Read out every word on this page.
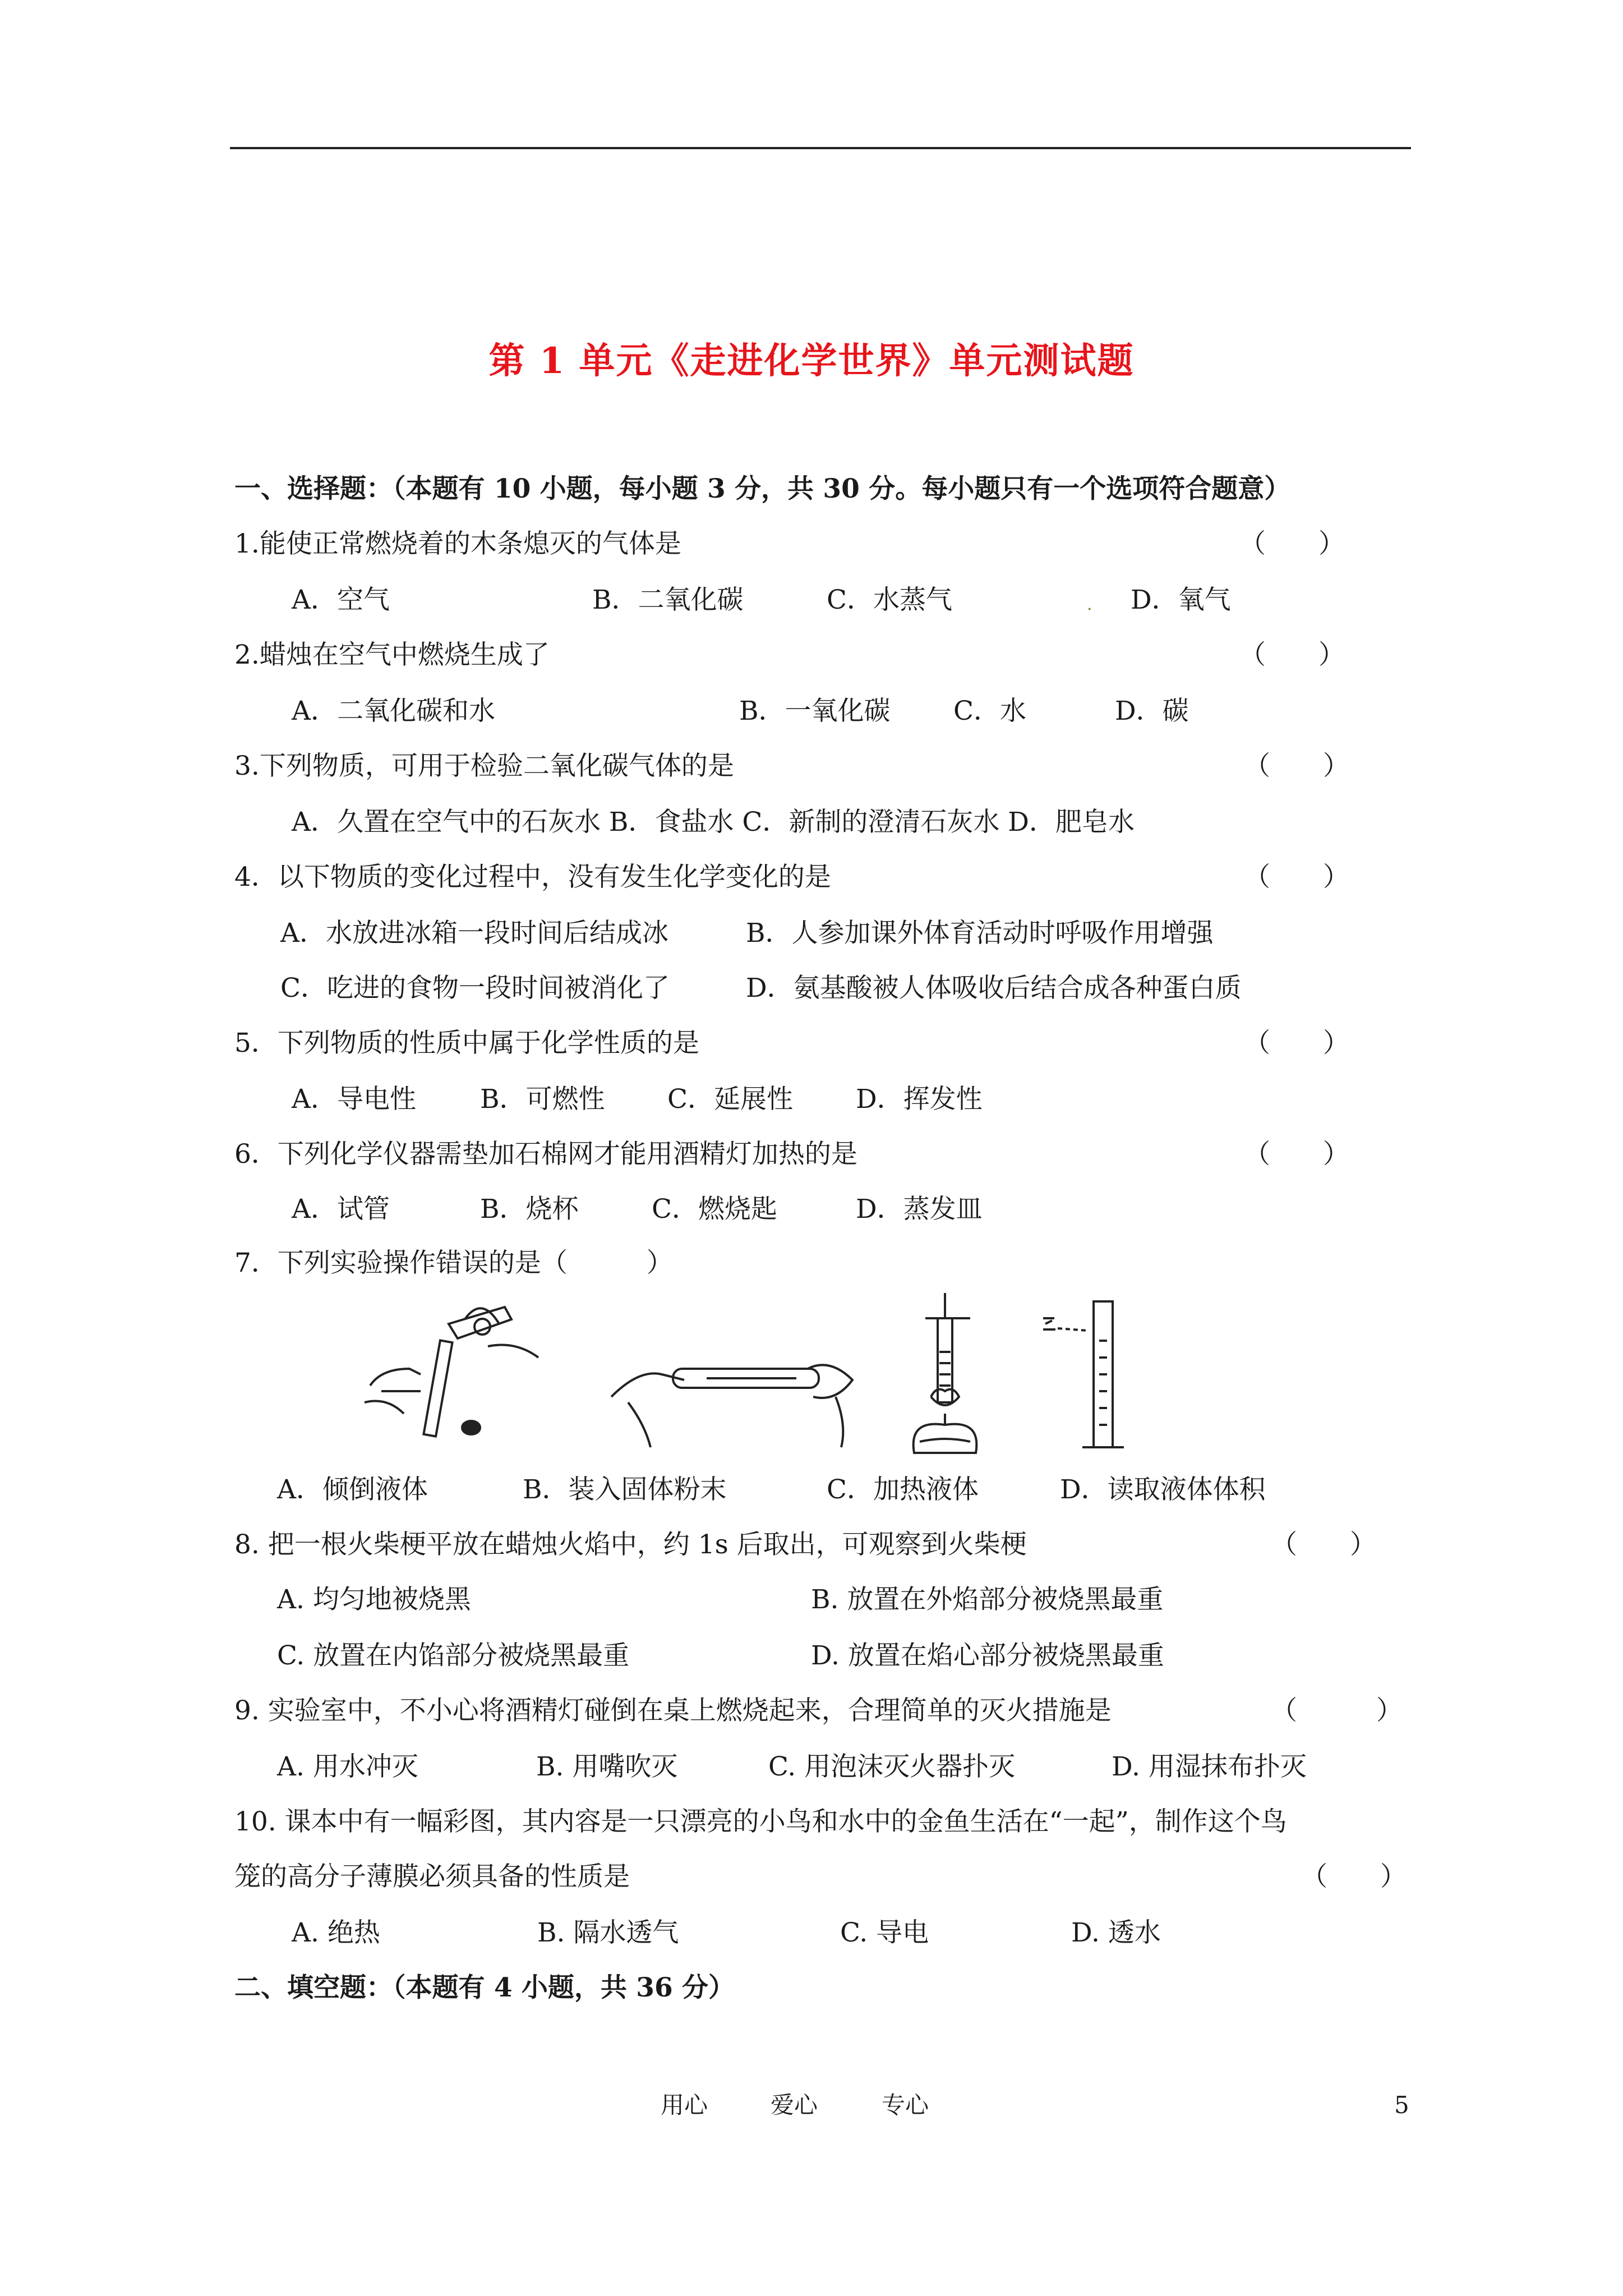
第 1 单元《走进化学世界》单元测试题
一、选择题：（本题有 10 小题，每小题 3 分，共 30 分。每小题只有一个选项符合题意）
1.能使正常燃烧着的木条熄灭的气体是	（　　）
A．空气	B．二氧化碳	C．水蒸气	D．氧气
.
2.蜡烛在空气中燃烧生成了	（　　）
A．二氧化碳和水	B．一氧化碳 C．水	D．碳
3.下列物质，可用于检验二氧化碳气体的是	（　　）
A．久置在空气中的石灰水 B．食盐水 C．新制的澄清石灰水 D．肥皂水
4．以下物质的变化过程中，没有发生化学变化的是	（　　）
A．水放进冰箱一段时间后结成冰	B．人参加课外体育活动时呼吸作用增强
C．吃进的食物一段时间被消化了	D．氨基酸被人体吸收后结合成各种蛋白质
5．下列物质的性质中属于化学性质的是	（　　）
A．导电性 B．可燃性 C．延展性 D．挥发性
6．下列化学仪器需垫加石棉网才能用酒精灯加热的是	（　　）
A．试管	B．烧杯	C．燃烧匙	D．蒸发皿
7．下列实验操作错误的是（　　　）
A．倾倒液体	B．装入固体粉末	C．加热液体	D．读取液体体积
8. 把一根火柴梗平放在蜡烛火焰中，约 1s 后取出，可观察到火柴梗	（　　）
A. 均匀地被烧黑	B. 放置在外焰部分被烧黑最重
C. 放置在内馅部分被烧黑最重	D. 放置在焰心部分被烧黑最重
9. 实验室中，不小心将酒精灯碰倒在桌上燃烧起来，合理简单的灭火措施是	（　　　）
A. 用水冲灭	B. 用嘴吹灭	C. 用泡沫灭火器扑灭	D. 用湿抹布扑灭
10. 课本中有一幅彩图，其内容是一只漂亮的小鸟和水中的金鱼生活在“一起”，制作这个鸟
笼的高分子薄膜必须具备的性质是	（　　）
A. 绝热	B. 隔水透气	C. 导电	D. 透水
二、填空题：（本题有 4 小题，共 36 分）
用心	爱心	专心	5
